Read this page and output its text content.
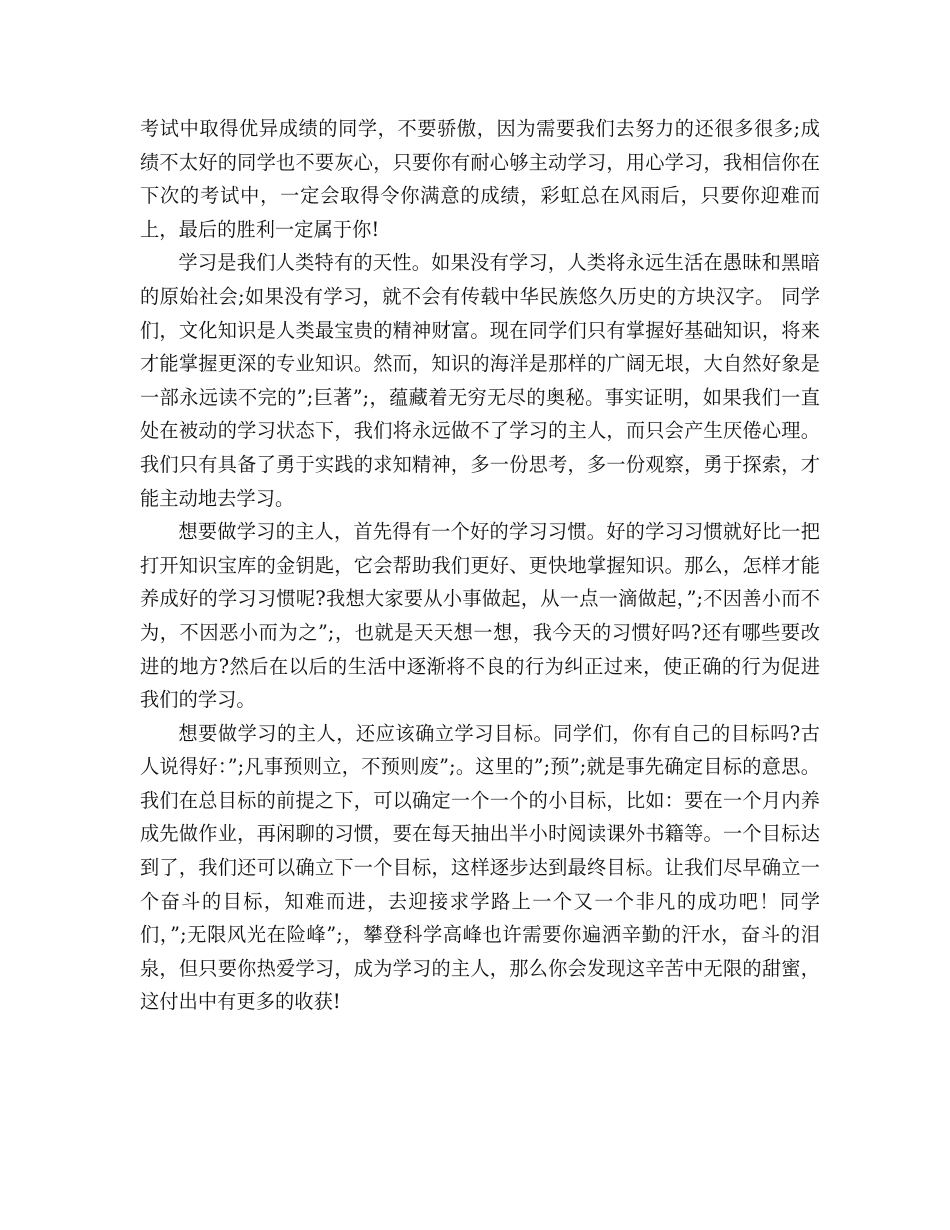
考试中取得优异成绩的同学，不要骄傲，因为需要我们去努力的还很多很多;成绩不太好的同学也不要灰心，只要你有耐心够主动学习，用心学习，我相信你在下次的考试中，一定会取得令你满意的成绩，彩虹总在风雨后，只要你迎难而上，最后的胜利一定属于你!

学习是我们人类特有的天性。如果没有学习，人类将永远生活在愚昧和黑暗的原始社会;如果没有学习，就不会有传载中华民族悠久历史的方块汉字。 同学们，文化知识是人类最宝贵的精神财富。现在同学们只有掌握好基础知识，将来才能掌握更深的专业知识。然而，知识的海洋是那样的广阔无垠，大自然好象是一部永远读不完的”;巨著”;，蕴藏着无穷无尽的奥秘。事实证明，如果我们一直处在被动的学习状态下，我们将永远做不了学习的主人，而只会产生厌倦心理。我们只有具备了勇于实践的求知精神，多一份思考，多一份观察，勇于探索，才能主动地去学习。

想要做学习的主人，首先得有一个好的学习习惯。好的学习习惯就好比一把打开知识宝库的金钥匙，它会帮助我们更好、更快地掌握知识。那么，怎样才能养成好的学习习惯呢?我想大家要从小事做起，从一点一滴做起，”;不因善小而不为，不因恶小而为之”;，也就是天天想一想，我今天的习惯好吗?还有哪些要改进的地方?然后在以后的生活中逐渐将不良的行为纠正过来，使正确的行为促进我们的学习。

想要做学习的主人，还应该确立学习目标。同学们，你有自己的目标吗?古人说得好：”;凡事预则立，不预则废”;。这里的”;预”;就是事先确定目标的意思。我们在总目标的前提之下，可以确定一个一个的小目标，比如：要在一个月内养成先做作业，再闲聊的习惯，要在每天抽出半小时阅读课外书籍等。一个目标达到了，我们还可以确立下一个目标，这样逐步达到最终目标。让我们尽早确立一个奋斗的目标，知难而进，去迎接求学路上一个又一个非凡的成功吧！同学们，”;无限风光在险峰”;，攀登科学高峰也许需要你遍洒辛勤的汗水，奋斗的泪泉，但只要你热爱学习，成为学习的主人，那么你会发现这辛苦中无限的甜蜜，这付出中有更多的收获!
